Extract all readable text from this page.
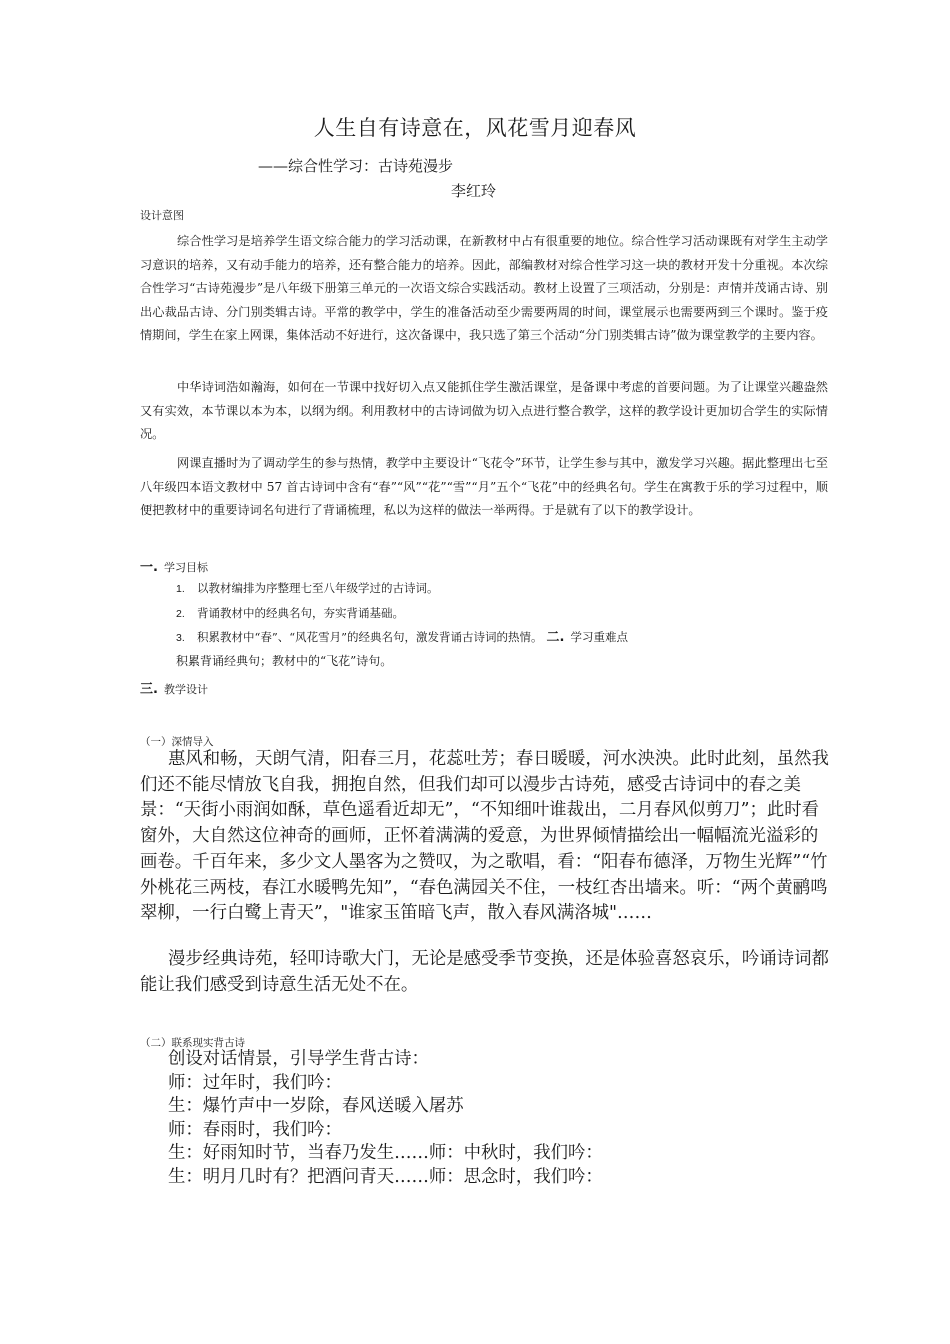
人生自有诗意在，风花雪月迎春风
——综合性学习：古诗苑漫步
李红玲
设计意图

综合性学习是培养学生语文综合能力的学习活动课，在新教材中占有很重要的地位。综合性学习活动课既有对学生主动学习意识的培养，又有动手能力的培养，还有整合能力的培养。因此，部编教材对综合性学习这一块的教材开发十分重视。本次综合性学习“古诗苑漫步”是八年级下册第三单元的一次语文综合实践活动。教材上设置了三项活动，分别是：声情并茂诵古诗、别出心裁品古诗、分门别类辑古诗。平常的教学中，学生的准备活动至少需要两周的时间，课堂展示也需要两到三个课时。鉴于疫情期间，学生在家上网课，集体活动不好进行，这次备课中，我只选了第三个活动“分门别类辑古诗”做为课堂教学的主要内容。

中华诗词浩如瀚海，如何在一节课中找好切入点又能抓住学生激活课堂，是备课中考虑的首要问题。为了让课堂兴趣盎然又有实效，本节课以本为本，以纲为纲。利用教材中的古诗词做为切入点进行整合教学，这样的教学设计更加切合学生的实际情况。

网课直播时为了调动学生的参与热情，教学中主要设计“飞花令”环节，让学生参与其中，激发学习兴趣。据此整理出七至八年级四本语文教材中 57 首古诗词中含有“春”“风”“花”“雪”“月”五个“飞花”中的经典名句。学生在寓教于乐的学习过程中，顺便把教材中的重要诗词名句进行了背诵梳理，私以为这样的做法一举两得。于是就有了以下的教学设计。

一. 学习目标
1. 以教材编排为序整理七至八年级学过的古诗词。
2. 背诵教材中的经典名句，夯实背诵基础。
3. 积累教材中“春”、“风花雪月”的经典名句，激发背诵古诗词的热情。 二. 学习重难点
积累背诵经典句；教材中的“飞花”诗句。
三. 教学设计
（一）深情导入

惠风和畅，天朗气清，阳春三月，花蕊吐芳；春日暖暖，河水泱泱。此时此刻，虽然我们还不能尽情放飞自我，拥抱自然，但我们却可以漫步古诗苑，感受古诗词中的春之美景：“天街小雨润如酥，草色遥看近却无”，“不知细叶谁裁出，二月春风似剪刀”；此时看窗外，大自然这位神奇的画师，正怀着满满的爱意，为世界倾情描绘出一幅幅流光溢彩的画卷。千百年来，多少文人墨客为之赞叹，为之歌唱，看：“阳春布德泽，万物生光辉”“竹外桃花三两枝，春江水暖鸭先知”，“春色满园关不住，一枝红杏出墙来。听：“两个黄鹂鸣翠柳，一行白鹭上青天”，"谁家玉笛暗飞声，散入春风满洛城"……

漫步经典诗苑，轻叩诗歌大门，无论是感受季节变换，还是体验喜怒哀乐，吟诵诗词都能让我们感受到诗意生活无处不在。

（二）联系现实背古诗
创设对话情景，引导学生背古诗：
师：过年时，我们吟：
生：爆竹声中一岁除，春风送暖入屠苏
师：春雨时，我们吟：
生：好雨知时节，当春乃发生……师：中秋时，我们吟：
生：明月几时有？把酒问青天……师：思念时，我们吟：
